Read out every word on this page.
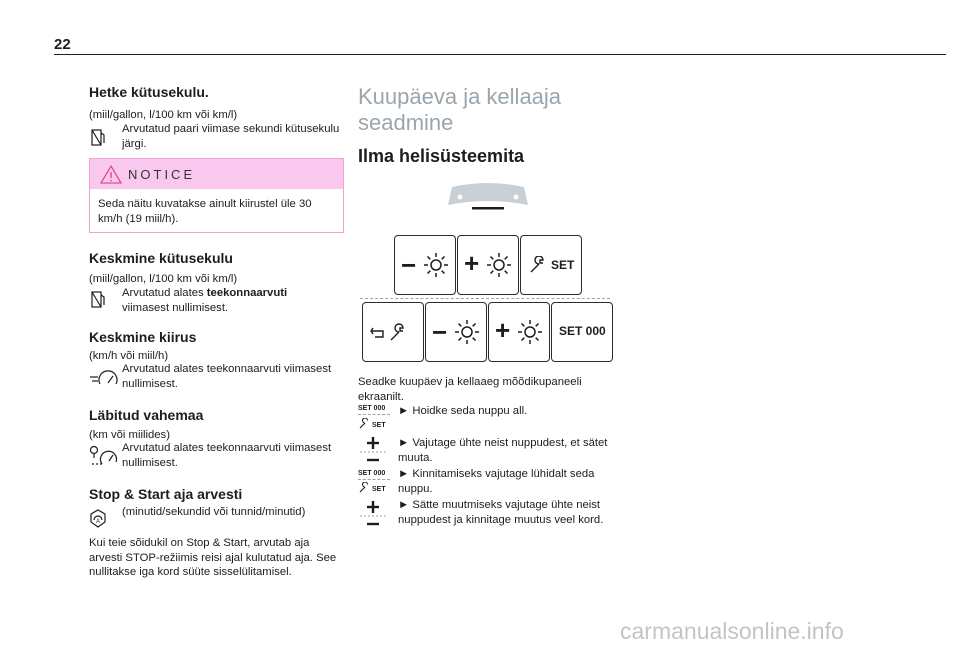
22
Hetke kütusekulu.
(miil/gallon, l/100 km või km/l)
Arvutatud paari viimase sekundi kütusekulu järgi.
NOTICE
Seda näitu kuvatakse ainult kiirustel üle 30 km/h (19 miil/h).
Keskmine kütusekulu
(miil/gallon, l/100 km või km/l)
Arvutatud alates teekonnaarvuti
viimasest nullimisest.
Keskmine kiirus
(km/h või miil/h)
Arvutatud alates teekonnaarvuti viimasest nullimisest.
Läbitud vahemaa
(km või miilides)
Arvutatud alates teekonnaarvuti viimasest nullimisest.
Stop & Start aja arvesti
A
(minutid/sekundid või tunnid/minutid)
Kui teie sõidukil on Stop & Start, arvutab aja arvesti STOP-režiimis reisi ajal kulutatud aja. See nullitakse iga kord süüte sisselülitamisel.
Kuupäeva ja kellaaja seadmine
Ilma helisüsteemita
− +	SET
− +	SET 000
Seadke kuupäev ja kellaaeg mõõdikupaneeli ekraanilt.
SET 000 ► Hoidke seda nuppu all.
SET
► Vajutage ühte neist nuppudest, et sätet muuta.
SET 000
SET
► Kinnitamiseks vajutage lühidalt seda nuppu.
► Sätte muutmiseks vajutage ühte neist nuppudest ja kinnitage muutus veel kord.
carmanualsonline.info
